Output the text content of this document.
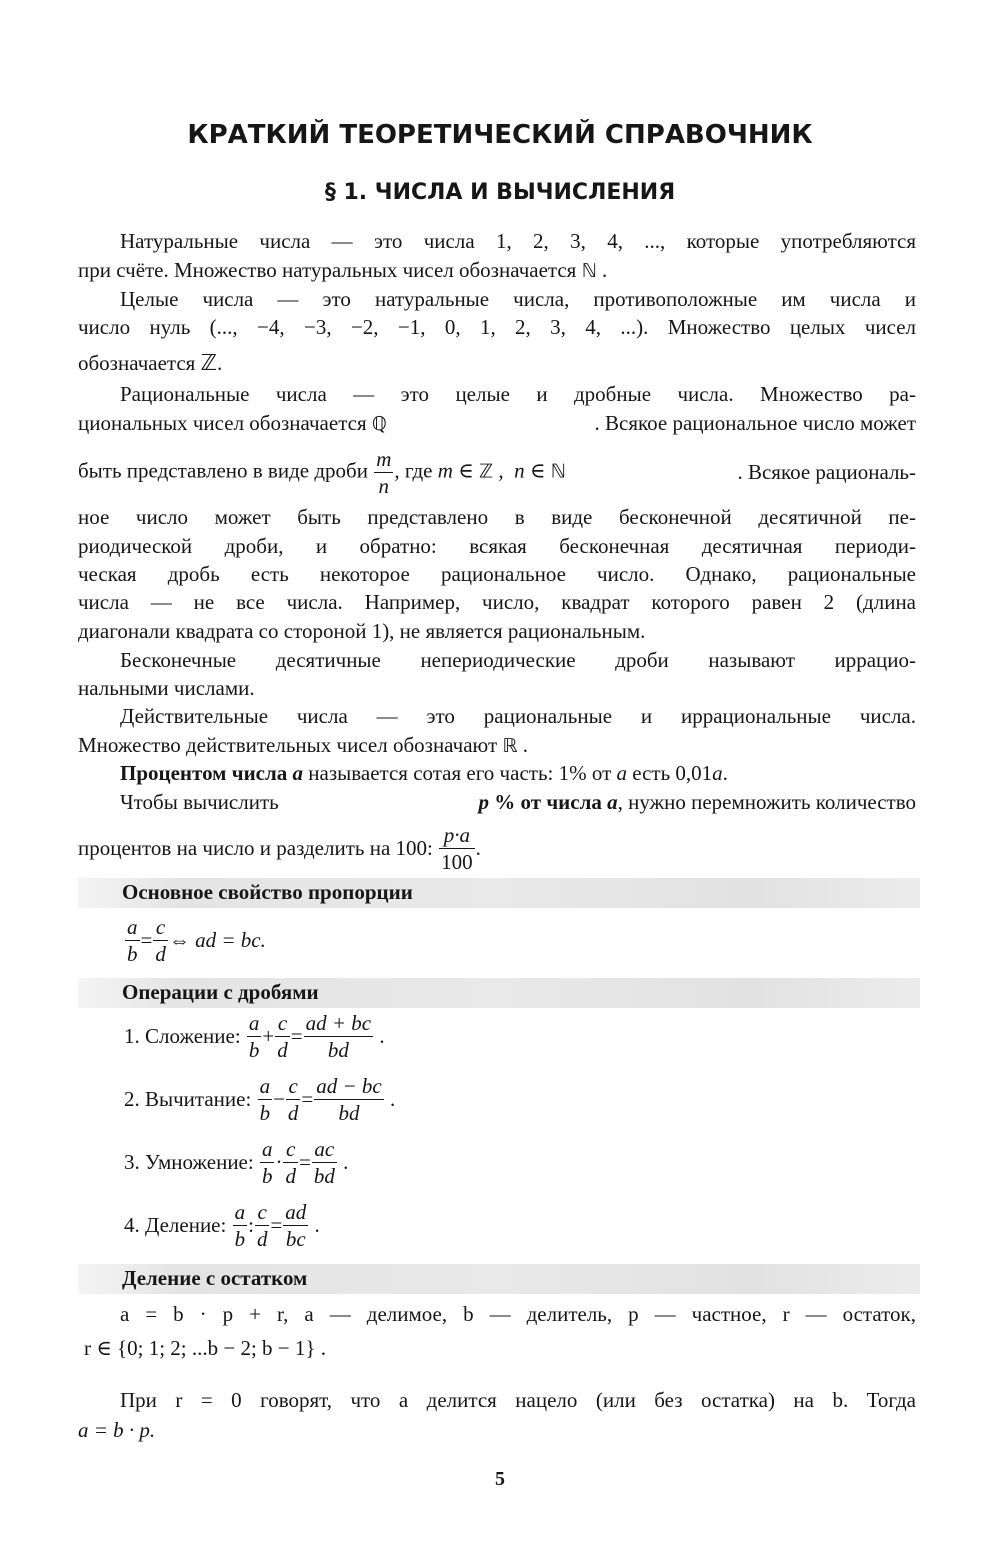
КРАТКИЙ ТЕОРЕТИЧЕСКИЙ СПРАВОЧНИК
§ 1. ЧИСЛА И ВЫЧИСЛЕНИЯ
Натуральные числа — это числа 1, 2, 3, 4, ..., которые употребляются
при счёте. Множество натуральных чисел обозначается ℕ .
Целые числа — это натуральные числа, противоположные им числа и
число нуль (..., −4, −3, −2, −1, 0, 1, 2, 3, 4, ...). Множество целых чисел
обозначается ℤ.
Рациональные числа — это целые и дробные числа. Множество ра-
циональных чисел обозначается ℚ	. Всякое рациональное число может
быть представлено в виде дроби $\frac{m}{n}$ , где m ∈ ℤ ,  n ∈ ℕ	. Всякое рациональ-
ное число может быть представлено в виде бесконечной десятичной пе-
риодической дроби, и обратно: всякая бесконечная десятичная периоди-
ческая дробь есть некоторое рациональное число. Однако, рациональные
числа — не все числа. Например, число, квадрат которого равен 2 (длина
диагонали квадрата со стороной 1), не является рациональным.
Бесконечные десятичные непериодические дроби называют иррацио-
нальными числами.
Действительные числа — это рациональные и иррациональные числа.
Множество действительных чисел обозначают ℝ .
Процентом числа a называется сотая его часть: 1% от a есть 0,01a.
Чтобы вычислить	p % от числа a, нужно перемножить количество
процентов на число и разделить на 100:
$\frac{p\cdot a}{100}$ .
Основное свойство пропорции
$\frac{a}{b} = \frac{c}{d}$ ⇔ ad = bc.
Операции с дробями
1. Сложение:
$\frac{a}{b} + \frac{c}{d} = \frac{ad + bc}{bd}$ .
2. Вычитание:
$\frac{a}{b} - \frac{c}{d} = \frac{ad - bc}{bd}$ .
3. Умножение:
$\frac{a}{b} \cdot \frac{c}{d} = \frac{ac}{bd}$ .
4. Деление:
$\frac{a}{b}$ : $\frac{c}{d} = \frac{ad}{bc}$ .
Деление с остатком
a = b · p + r, a — делимое, b — делитель, p — частное, r — остаток,
r ∈ {0; 1; 2; ...b − 2; b − 1} .
При r = 0 говорят, что a делится нацело (или без остатка) на b. Тогда
a = b · p.
5
